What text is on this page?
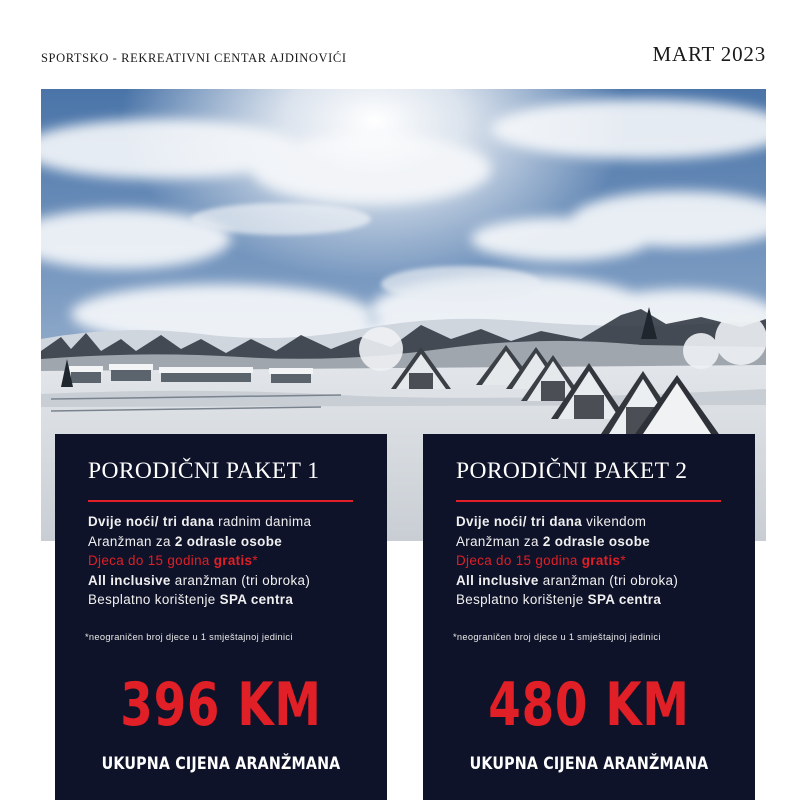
SPORTSKO - REKREATIVNI CENTAR AJDINOVIĆI	MART 2023
PORODIČNI PAKET 1
Dvije noći/ tri dana radnim danima
Aranžman za 2 odrasle osobe
Djeca do 15 godina gratis*
All inclusive aranžman (tri obroka)
Besplatno korištenje SPA centra
*neograničen broj djece u 1 smještajnoj jedinici
396 KM
UKUPNA CIJENA ARANŽMANA
PORODIČNI PAKET 2
Dvije noći/ tri dana vikendom
Aranžman za 2 odrasle osobe
Djeca do 15 godina gratis*
All inclusive aranžman (tri obroka)
Besplatno korištenje SPA centra
*neograničen broj djece u 1 smještajnoj jedinici
480 KM
UKUPNA CIJENA ARANŽMANA
